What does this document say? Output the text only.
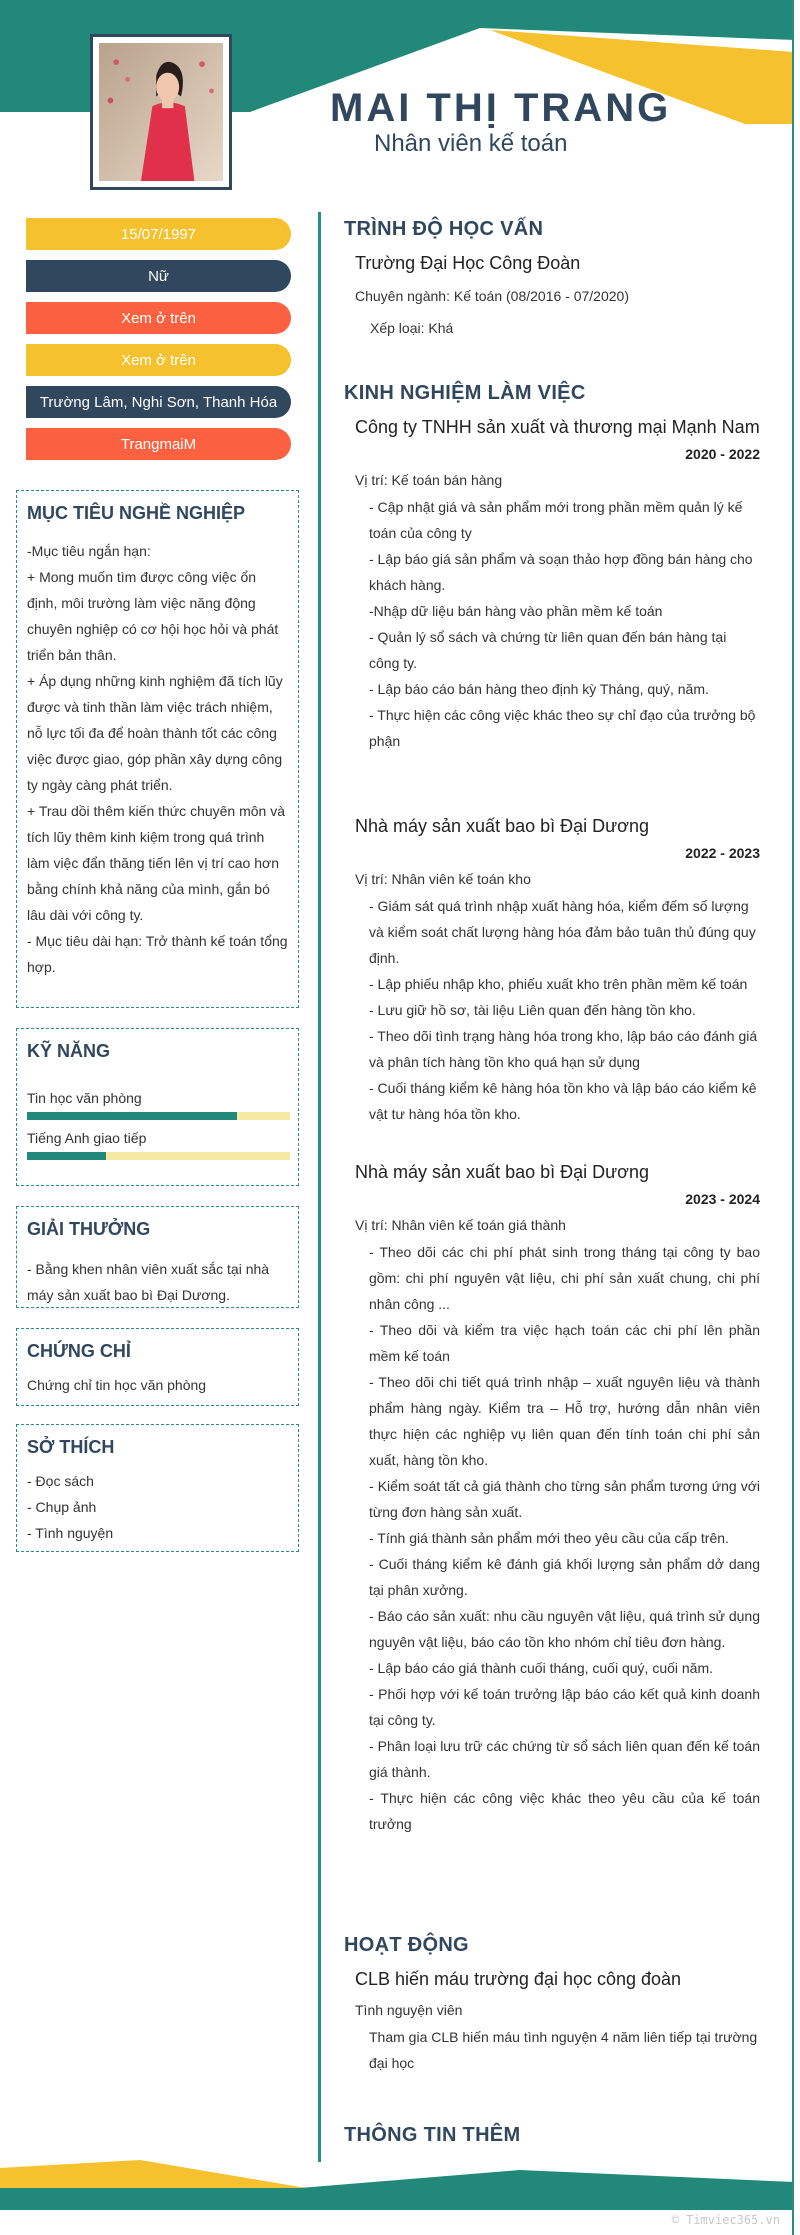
MAI THỊ TRANG
Nhân viên kế toán
15/07/1997
Nữ
Xem ở trên
Xem ở trên
Trường Lâm, Nghi Sơn, Thanh Hóa
TrangmaiM
MỤC TIÊU NGHỀ NGHIỆP

-Mục tiêu ngắn hạn:

+ Mong muốn tìm được công việc ổn định, môi trường làm việc năng động chuyên nghiệp có cơ hội học hỏi và phát triển bản thân.

+ Áp dụng những kinh nghiệm đã tích lũy được và tinh thần làm việc trách nhiệm, nỗ lực tối đa để hoàn thành tốt các công việc được giao, góp phần xây dựng công ty ngày càng phát triển.

+ Trau dồi thêm kiến thức chuyên môn và tích lũy thêm kinh kiệm trong quá trình làm việc đẩn thăng tiến lên vị trí cao hơn bằng chính khả năng của mình, gắn bó lâu dài với công ty.

- Mục tiêu dài hạn: Trở thành kế toán tổng hợp.

KỸ NĂNG
Tin học văn phòng
Tiếng Anh giao tiếp
GIẢI THƯỞNG

- Bằng khen nhân viên xuất sắc tại nhà máy sản xuất bao bì Đại Dương.

CHỨNG CHỈ

Chứng chỉ tin học văn phòng

SỞ THÍCH

- Đọc sách

- Chụp ảnh

- Tình nguyện

TRÌNH ĐỘ HỌC VẤN
Trường Đại Học Công Đoàn
Chuyên ngành: Kế toán (08/2016 - 07/2020)
Xếp loại: Khá
KINH NGHIỆM LÀM VIỆC
Công ty TNHH sản xuất và thương mại Mạnh Nam
2020 - 2022
Vị trí: Kế toán bán hàng

- Cập nhật giá và sản phẩm mới trong phần mềm quản lý kế toán của công ty

- Lập báo giá sản phẩm và soạn thảo hợp đồng bán hàng cho khách hàng.

-Nhập dữ liệu bán hàng vào phần mềm kế toán

- Quản lý sổ sách và chứng từ liên quan đến bán hàng tại công ty.

- Lập báo cáo bán hàng theo định kỳ Tháng, quý, năm.

- Thực hiện các công việc khác theo sự chỉ đạo của trưởng bộ phận

Nhà máy sản xuất bao bì Đại Dương
2022 - 2023
Vị trí: Nhân viên kế toán kho

- Giám sát quá trình nhập xuất hàng hóa, kiểm đếm số lượng và kiểm soát chất lượng hàng hóa đảm bảo tuân thủ đúng quy định.

- Lập phiếu nhập kho, phiếu xuất kho trên phần mềm kế toán

- Lưu giữ hồ sơ, tài liệu Liên quan đến hàng tồn kho.

- Theo dõi tình trạng hàng hóa trong kho, lập báo cáo đánh giá và phân tích hàng tồn kho quá hạn sử dụng

- Cuối tháng kiểm kê hàng hóa tồn kho và lập báo cáo kiểm kê vật tư hàng hóa tồn kho.

Nhà máy sản xuất bao bì Đại Dương
2023 - 2024
Vị trí: Nhân viên kế toán giá thành

- Theo dõi các chi phí phát sinh trong tháng tại công ty bao gồm: chi phí nguyên vật liệu, chi phí sản xuất chung, chi phí nhân công ...

- Theo dõi và kiểm tra việc hạch toán các chi phí lên phần mềm kế toán

- Theo dõi chi tiết quá trình nhập – xuất nguyên liệu và thành phẩm hàng ngày. Kiểm tra – Hỗ trợ, hướng dẫn nhân viên thực hiện các nghiệp vụ liên quan đến tính toán chi phí sản xuất, hàng tồn kho.

- Kiểm soát tất cả giá thành cho từng sản phẩm tương ứng với từng đơn hàng sản xuất.

- Tính giá thành sản phẩm mới theo yêu cầu của cấp trên.

- Cuối tháng kiểm kê đánh giá khối lượng sản phẩm dở dang tại phân xưởng.

- Báo cáo sản xuất: nhu cầu nguyên vật liệu, quá trình sử dụng nguyên vật liệu, báo cáo tồn kho nhóm chỉ tiêu đơn hàng.

- Lập báo cáo giá thành cuối tháng, cuối quý, cuối năm.

- Phối hợp với kế toán trưởng lập báo cáo kết quả kinh doanh tại công ty.

- Phân loại lưu trữ các chứng từ sổ sách liên quan đến kế toán giá thành.

- Thực hiện các công việc khác theo yêu cầu của kế toán trưởng

HOẠT ĐỘNG
CLB hiến máu trường đại học công đoàn
Tình nguyện viên

Tham gia CLB hiến máu tình nguyện 4 năm liên tiếp tại trường đại học

THÔNG TIN THÊM
© Timviec365.vn
